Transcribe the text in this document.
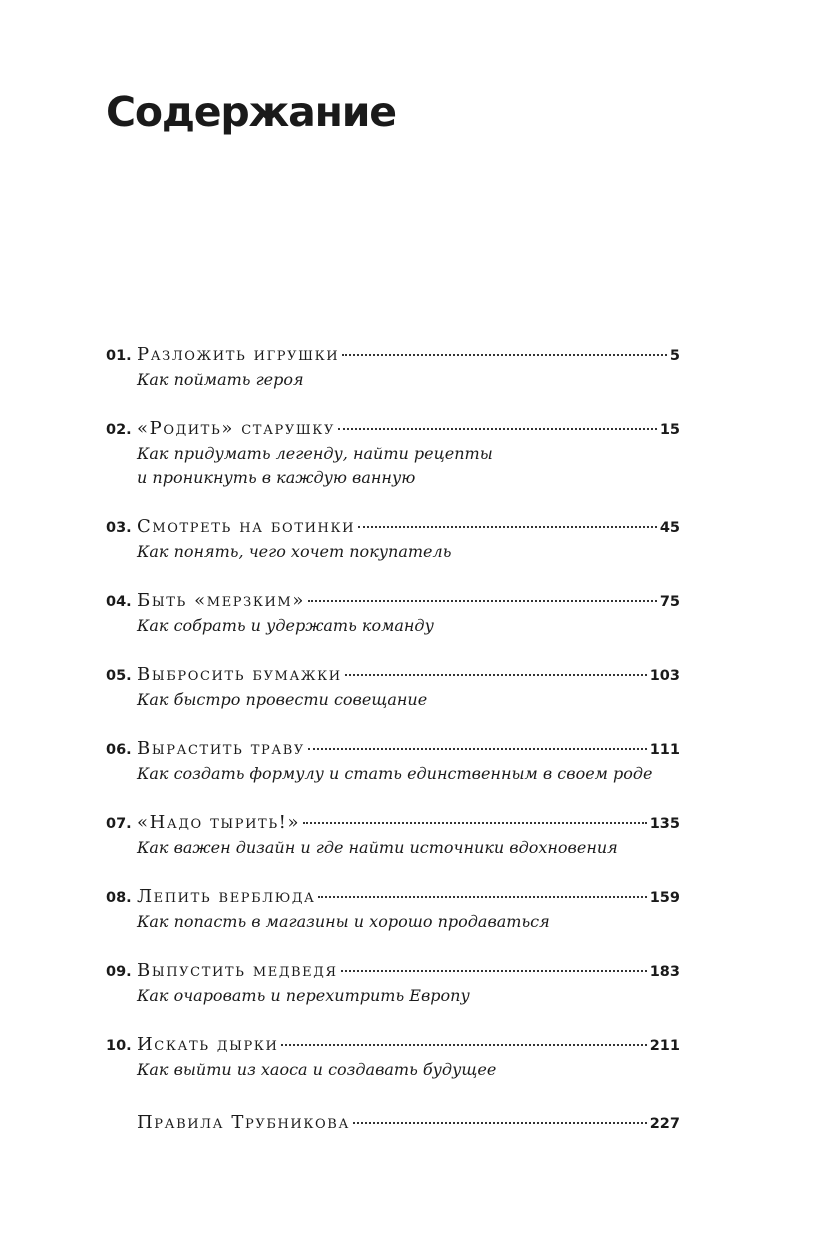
Содержание
01. Разложить игрушки	5
Как поймать героя
02. «Родить» старушку	15
Как придумать легенду, найти рецепты
и проникнуть в каждую ванную
03. Смотреть на ботинки	45
Как понять, чего хочет покупатель
04. Быть «мерзким»	75
Как собрать и удержать команду
05. Выбросить бумажки	103
Как быстро провести совещание
06. Вырастить траву	111
Как создать формулу и стать единственным в своем роде
07. «Надо тырить!»	135
Как важен дизайн и где найти источники вдохновения
08. Лепить верблюда	159
Как попасть в магазины и хорошо продаваться
09. Выпустить медведя	183
Как очаровать и перехитрить Европу
10. Искать дырки	211
Как выйти из хаоса и создавать будущее
Правила Трубникова	227
